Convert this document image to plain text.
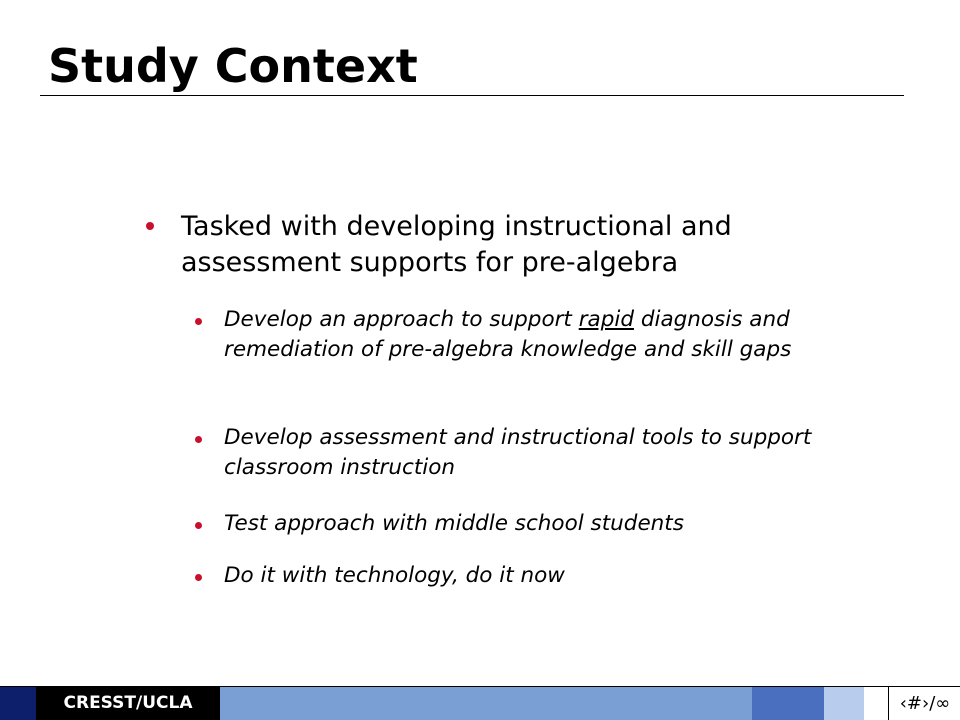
Study Context
Tasked with developing instructional and assessment supports for pre-algebra
Develop an approach to support rapid diagnosis and remediation of pre-algebra knowledge and skill gaps
Develop assessment and instructional tools to support classroom instruction
Test approach with middle school students
Do it with technology, do it now
CRESST/UCLA	‹#›/∞
